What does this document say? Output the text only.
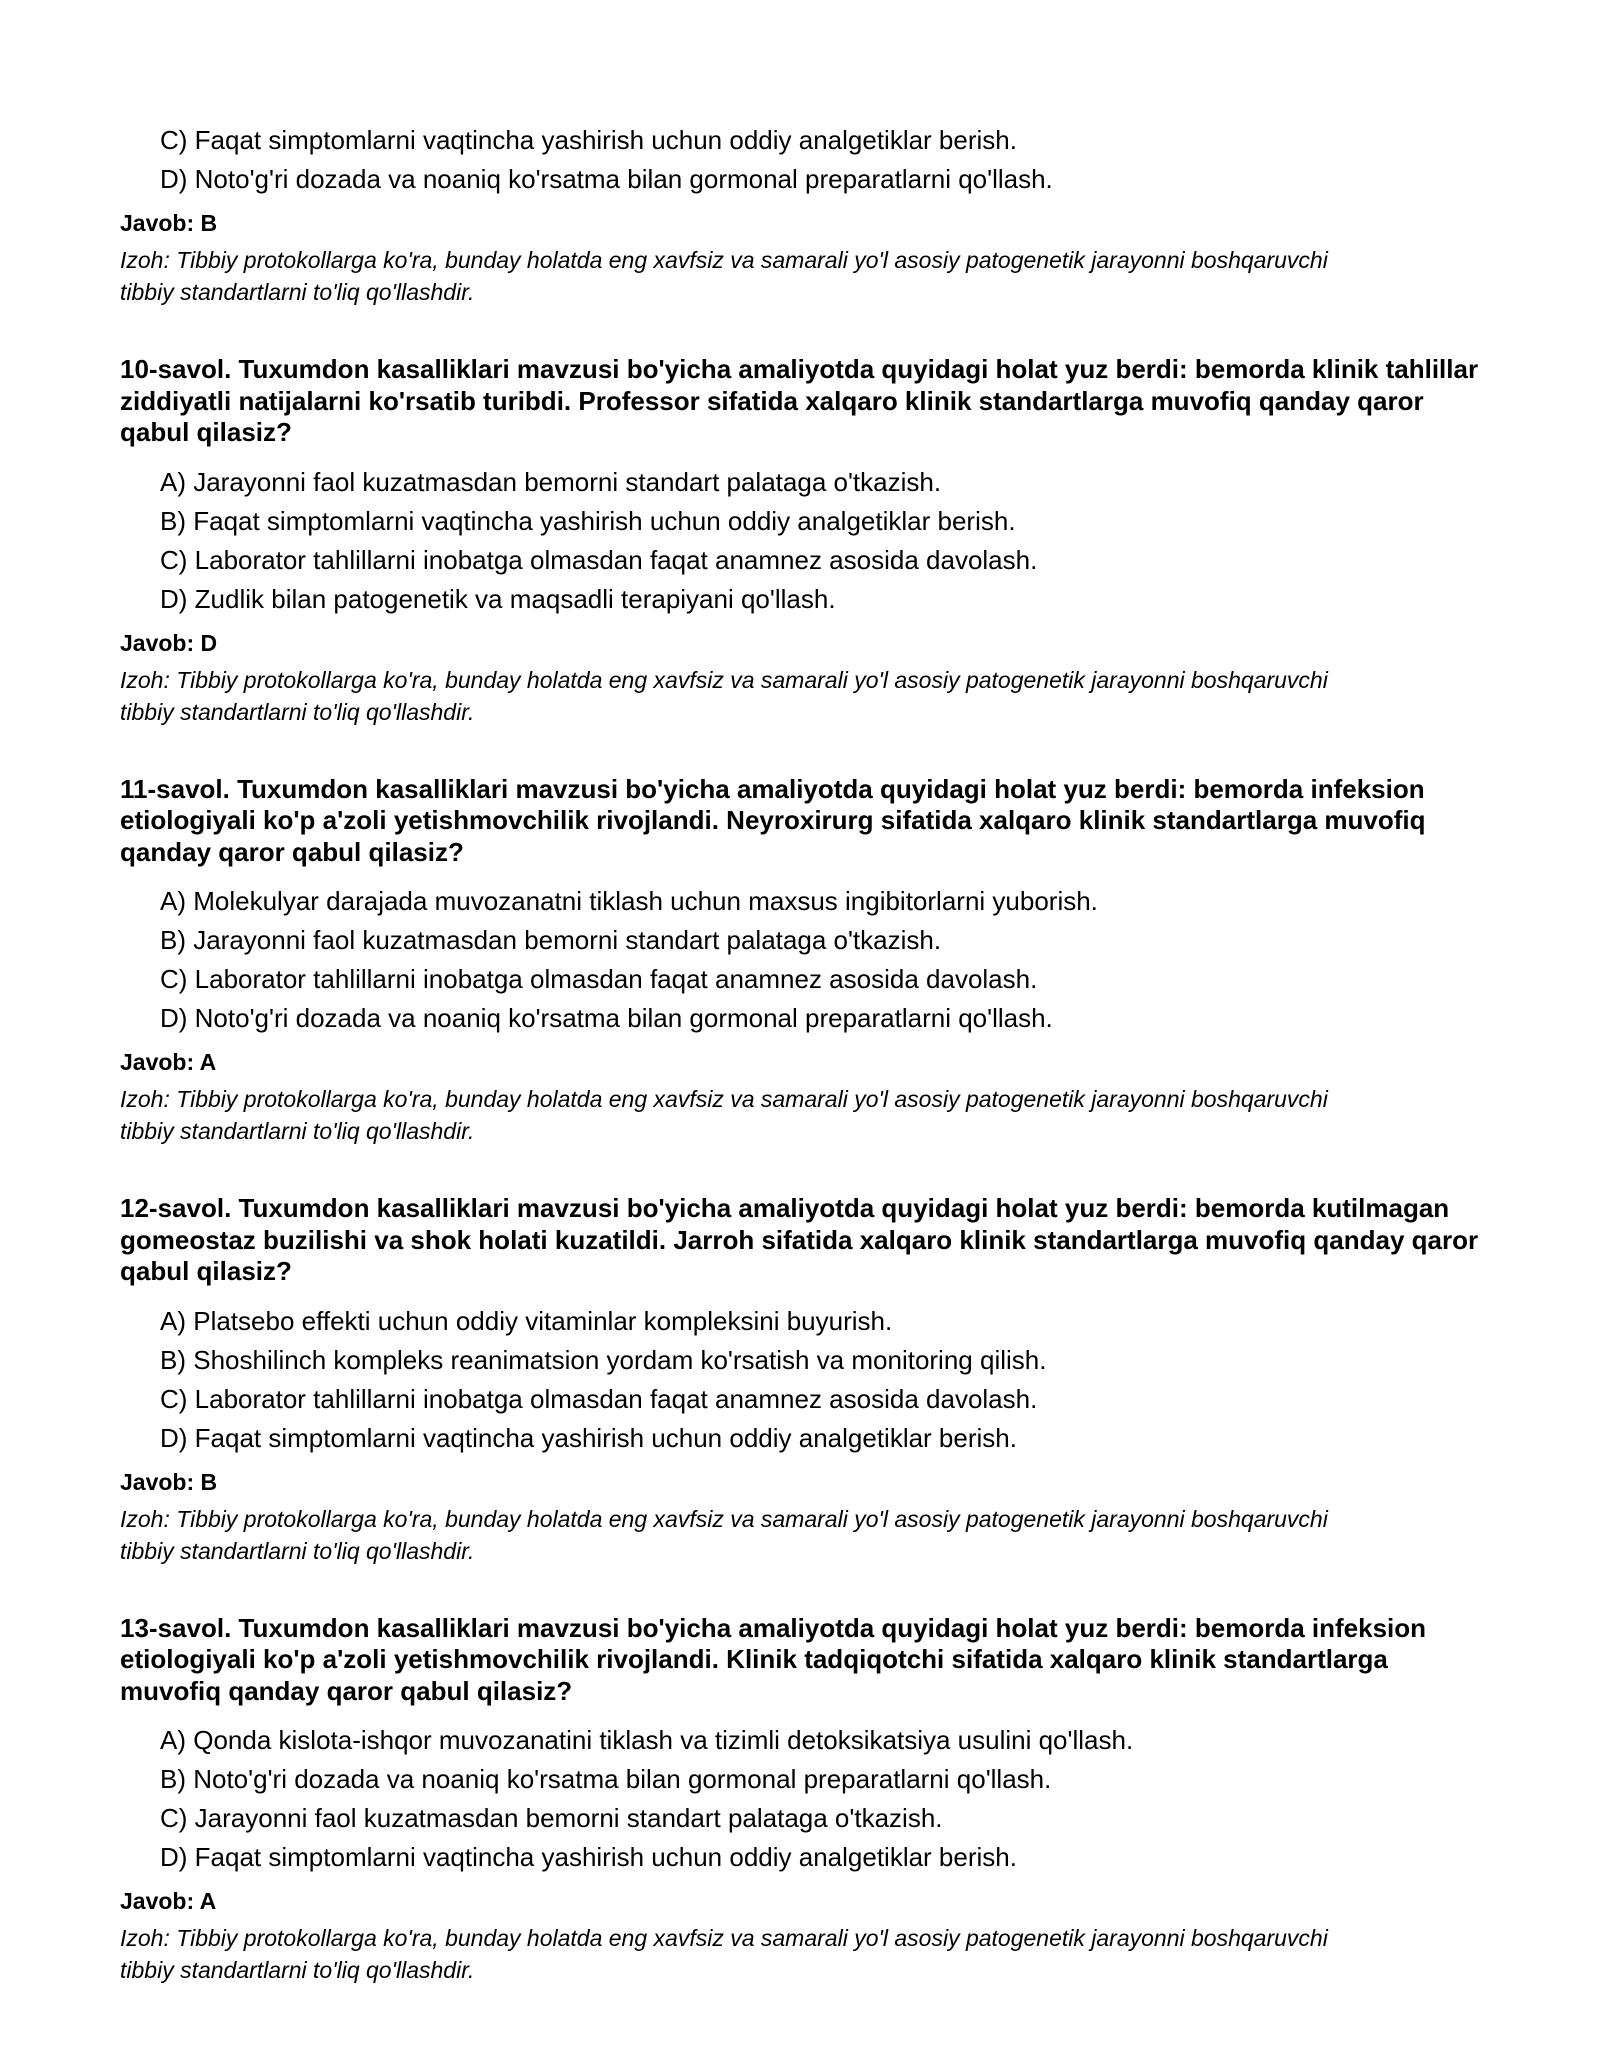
C) Faqat simptomlarni vaqtincha yashirish uchun oddiy analgetiklar berish.
D) Noto'g'ri dozada va noaniq ko'rsatma bilan gormonal preparatlarni qo'llash.
Javob: B
Izoh: Tibbiy protokollarga ko'ra, bunday holatda eng xavfsiz va samarali yo'l asosiy patogenetik jarayonni boshqaruvchi tibbiy standartlarni to'liq qo'llashdir.
10-savol. Tuxumdon kasalliklari mavzusi bo'yicha amaliyotda quyidagi holat yuz berdi: bemorda klinik tahlillar ziddiyatli natijalarni ko'rsatib turibdi. Professor sifatida xalqaro klinik standartlarga muvofiq qanday qaror qabul qilasiz?
A) Jarayonni faol kuzatmasdan bemorni standart palataga o'tkazish.
B) Faqat simptomlarni vaqtincha yashirish uchun oddiy analgetiklar berish.
C) Laborator tahlillarni inobatga olmasdan faqat anamnez asosida davolash.
D) Zudlik bilan patogenetik va maqsadli terapiyani qo'llash.
Javob: D
Izoh: Tibbiy protokollarga ko'ra, bunday holatda eng xavfsiz va samarali yo'l asosiy patogenetik jarayonni boshqaruvchi tibbiy standartlarni to'liq qo'llashdir.
11-savol. Tuxumdon kasalliklari mavzusi bo'yicha amaliyotda quyidagi holat yuz berdi: bemorda infeksion etiologiyali ko'p a'zoli yetishmovchilik rivojlandi. Neyroxirurg sifatida xalqaro klinik standartlarga muvofiq qanday qaror qabul qilasiz?
A) Molekulyar darajada muvozanatni tiklash uchun maxsus ingibitorlarni yuborish.
B) Jarayonni faol kuzatmasdan bemorni standart palataga o'tkazish.
C) Laborator tahlillarni inobatga olmasdan faqat anamnez asosida davolash.
D) Noto'g'ri dozada va noaniq ko'rsatma bilan gormonal preparatlarni qo'llash.
Javob: A
Izoh: Tibbiy protokollarga ko'ra, bunday holatda eng xavfsiz va samarali yo'l asosiy patogenetik jarayonni boshqaruvchi tibbiy standartlarni to'liq qo'llashdir.
12-savol. Tuxumdon kasalliklari mavzusi bo'yicha amaliyotda quyidagi holat yuz berdi: bemorda kutilmagan gomeostaz buzilishi va shok holati kuzatildi. Jarroh sifatida xalqaro klinik standartlarga muvofiq qanday qaror qabul qilasiz?
A) Platsebo effekti uchun oddiy vitaminlar kompleksini buyurish.
B) Shoshilinch kompleks reanimatsion yordam ko'rsatish va monitoring qilish.
C) Laborator tahlillarni inobatga olmasdan faqat anamnez asosida davolash.
D) Faqat simptomlarni vaqtincha yashirish uchun oddiy analgetiklar berish.
Javob: B
Izoh: Tibbiy protokollarga ko'ra, bunday holatda eng xavfsiz va samarali yo'l asosiy patogenetik jarayonni boshqaruvchi tibbiy standartlarni to'liq qo'llashdir.
13-savol. Tuxumdon kasalliklari mavzusi bo'yicha amaliyotda quyidagi holat yuz berdi: bemorda infeksion etiologiyali ko'p a'zoli yetishmovchilik rivojlandi. Klinik tadqiqotchi sifatida xalqaro klinik standartlarga muvofiq qanday qaror qabul qilasiz?
A) Qonda kislota-ishqor muvozanatini tiklash va tizimli detoksikatsiya usulini qo'llash.
B) Noto'g'ri dozada va noaniq ko'rsatma bilan gormonal preparatlarni qo'llash.
C) Jarayonni faol kuzatmasdan bemorni standart palataga o'tkazish.
D) Faqat simptomlarni vaqtincha yashirish uchun oddiy analgetiklar berish.
Javob: A
Izoh: Tibbiy protokollarga ko'ra, bunday holatda eng xavfsiz va samarali yo'l asosiy patogenetik jarayonni boshqaruvchi tibbiy standartlarni to'liq qo'llashdir.
